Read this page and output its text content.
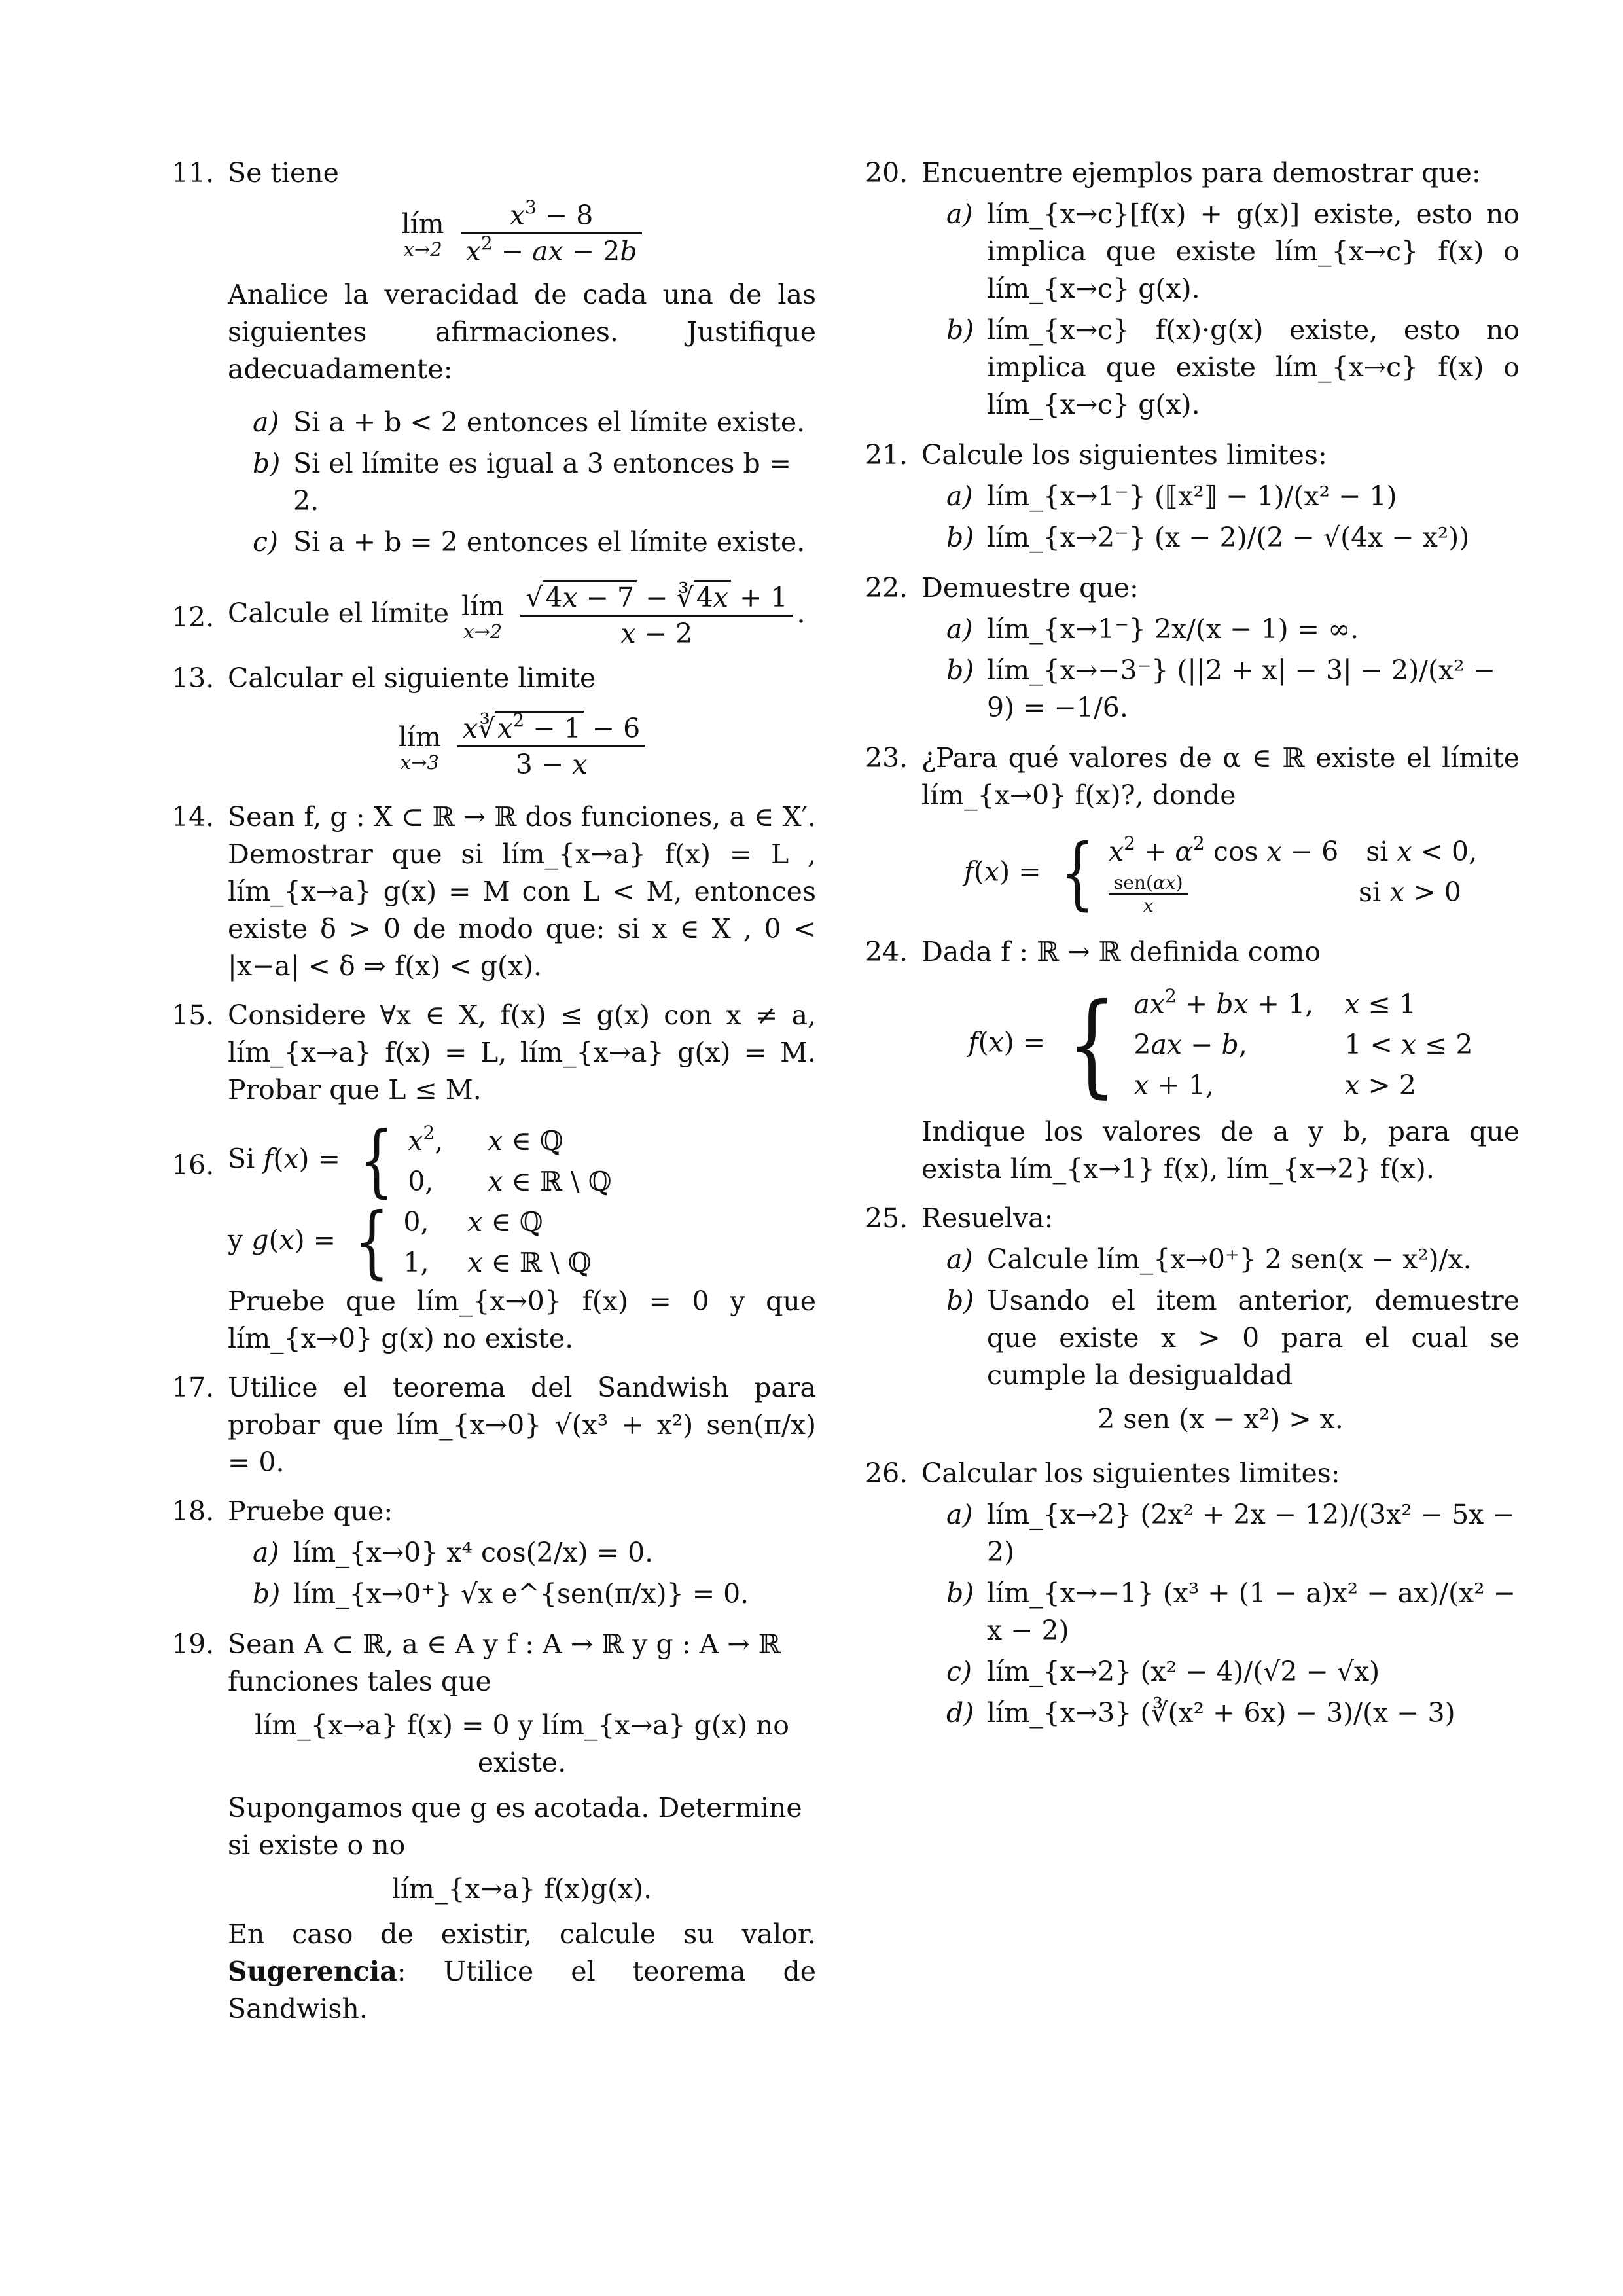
11. Se tiene
lím
x→2
$\frac{x^3 - 8}{x^2 - ax - 2b}$
Analice la veracidad de cada una de las siguientes afirmaciones. Justifique adecuadamente:
a) Si a + b < 2 entonces el límite existe.
b) Si el límite es igual a 3 entonces b = 2.
c) Si a + b = 2 entonces el límite existe.
12. Calcule el límite lím
x→2
$\frac{√4x - 7 - ∛4x + 1}{x - 2}$ .
13. Calcular el siguiente limite
lím
x→3
$\frac{x∛x^2 - 1 - 6}{3 - x}$
14. Sean f, g : X ⊂ ℝ → ℝ dos funciones, a ∈ X′. Demostrar que si lím_{x→a} f(x) = L , lím_{x→a} g(x) = M con L < M, entonces existe δ > 0 de modo que: si x ∈ X , 0 < |x−a| < δ ⇒ f(x) < g(x).
15. Considere ∀x ∈ X, f(x) ≤ g(x) con x ≠ a, lím_{x→a} f(x) = L, lím_{x→a} g(x) = M. Probar que L ≤ M.
16. Si f(x) = { $x^2$,	x ∈ ℚ
0,	x ∈ ℝ \ ℚ
y g(x) = { 0,	x ∈ ℚ
1,	x ∈ ℝ \ ℚ
Pruebe que lím_{x→0} f(x) = 0 y que lím_{x→0} g(x) no existe.
17. Utilice el teorema del Sandwish para probar que lím_{x→0} √(x³ + x²) sen(π/x) = 0.
18. Pruebe que:
a) lím_{x→0} x⁴ cos(2/x) = 0.
b) lím_{x→0⁺} √x e^{sen(π/x)} = 0.
19. Sean A ⊂ ℝ, a ∈ A y f : A → ℝ y g : A → ℝ funciones tales que
lím_{x→a} f(x) = 0 y lím_{x→a} g(x) no existe.
Supongamos que g es acotada. Determine si existe o no
lím_{x→a} f(x)g(x).
En caso de existir, calcule su valor. Sugerencia: Utilice el teorema de Sandwish.
20. Encuentre ejemplos para demostrar que:
a) lím_{x→c}[f(x) + g(x)] existe, esto no implica que existe lím_{x→c} f(x) o lím_{x→c} g(x).
b) lím_{x→c} f(x)·g(x) existe, esto no implica que existe lím_{x→c} f(x) o lím_{x→c} g(x).
21. Calcule los siguientes limites:
a) lím_{x→1⁻} (⟦x²⟧ − 1)/(x² − 1)
b) lím_{x→2⁻} (x − 2)/(2 − √(4x − x²))
22. Demuestre que:
a) lím_{x→1⁻} 2x/(x − 1) = ∞.
b) lím_{x→−3⁻} (||2 + x| − 3| − 2)/(x² − 9) = −1/6.
23. ¿Para qué valores de α ∈ ℝ existe el límite lím_{x→0} f(x)?, donde
f(x) = { $x^2 + \alpha^2$ cos x − 6 si x < 0,
$\frac{\text{sen(αx)}}{x}$	si x > 0
24. Dada f : ℝ → ℝ definida como
f(x) = { $ax^2$ + bx + 1, x ≤ 1
2ax − b,	1 < x ≤ 2
x + 1,	x > 2
Indique los valores de a y b, para que exista lím_{x→1} f(x), lím_{x→2} f(x).
25. Resuelva:
a) Calcule lím_{x→0⁺} 2 sen(x − x²)/x.
b) Usando el item anterior, demuestre que existe x > 0 para el cual se cumple la desigualdad
2 sen (x − x²) > x.
26. Calcular los siguientes limites:
a) lím_{x→2} (2x² + 2x − 12)/(3x² − 5x − 2)
b) lím_{x→−1} (x³ + (1 − a)x² − ax)/(x² − x − 2)
c) lím_{x→2} (x² − 4)/(√2 − √x)
d) lím_{x→3} (∛(x² + 6x) − 3)/(x − 3)
